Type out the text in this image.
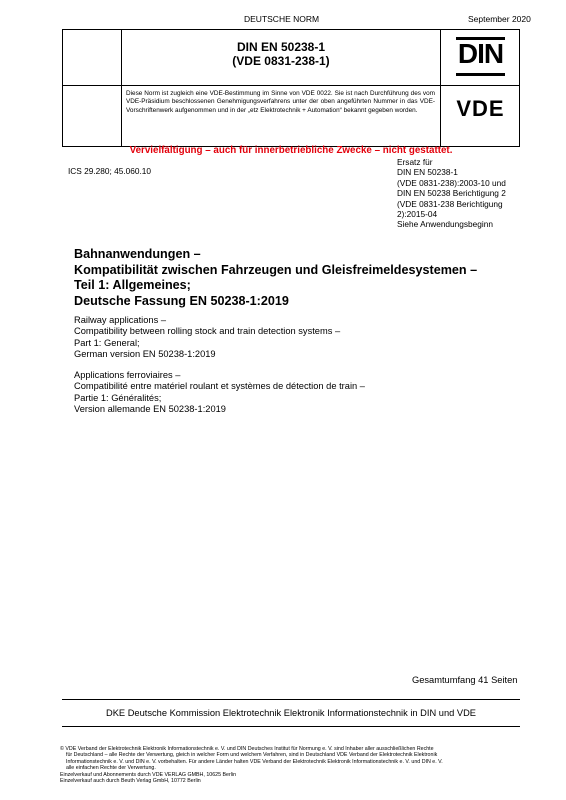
DEUTSCHE NORM	September 2020
DIN EN 50238-1
(VDE 0831-238-1)	DIN
Diese Norm ist zugleich eine VDE-Bestimmung im Sinne von VDE 0022. Sie ist nach Durchführung des vom VDE-Präsidium beschlossenen Genehmigungsverfahrens unter der oben angeführten Nummer in das VDE-Vorschriftenwerk aufgenommen und in der „etz Elektrotechnik + Automation“ bekannt gegeben worden.	VDE
Vervielfältigung – auch für innerbetriebliche Zwecke – nicht gestattet.
ICS 29.280; 45.060.10
Ersatz für
DIN EN 50238-1
(VDE 0831-238):2003-10 und
DIN EN 50238 Berichtigung 2
(VDE 0831-238 Berichtigung
2):2015-04
Siehe Anwendungsbeginn
Bahnanwendungen –
Kompatibilität zwischen Fahrzeugen und Gleisfreimeldesystemen –
Teil 1: Allgemeines;
Deutsche Fassung EN 50238-1:2019
Railway applications –
Compatibility between rolling stock and train detection systems –
Part 1: General;
German version EN 50238-1:2019
Applications ferroviaires –
Compatibilité entre matériel roulant et systèmes de détection de train –
Partie 1: Généralités;
Version allemande EN 50238-1:2019
Gesamtumfang 41 Seiten
DKE Deutsche Kommission Elektrotechnik Elektronik Informationstechnik in DIN und VDE
© VDE Verband der Elektrotechnik Elektronik Informationstechnik e. V. und DIN Deutsches Institut für Normung e. V. sind Inhaber aller ausschließlichen Rechte
für Deutschland – alle Rechte der Verwertung, gleich in welcher Form und welchem Verfahren, sind in Deutschland VDE Verband der Elektrotechnik Elektronik
Informationstechnik e. V. und DIN e. V. vorbehalten. Für andere Länder halten VDE Verband der Elektrotechnik Elektronik Informationstechnik e. V. und DIN e. V.
alle einfachen Rechte der Verwertung.
Einzelverkauf und Abonnements durch VDE VERLAG GMBH, 10625 Berlin
Einzelverkauf auch durch Beuth Verlag GmbH, 10772 Berlin
